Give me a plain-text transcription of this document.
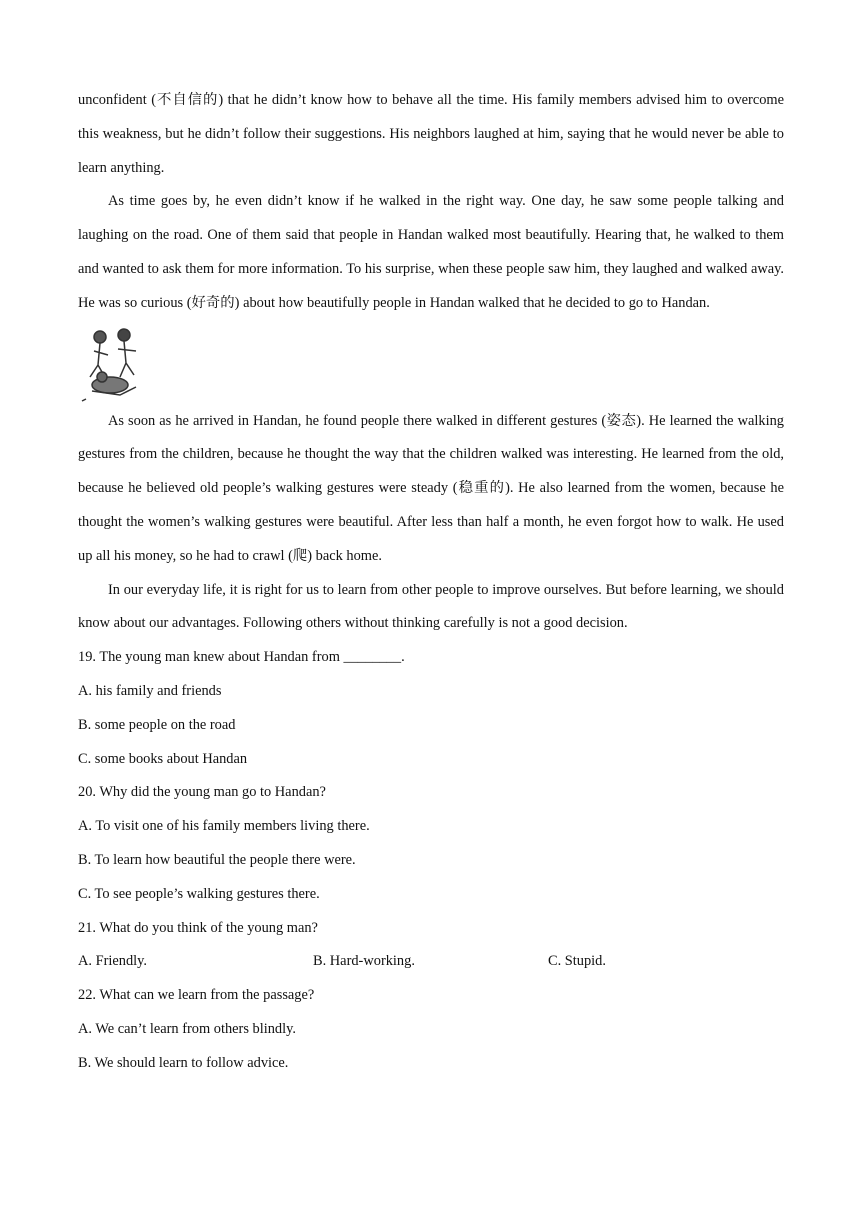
unconfident (不自信的) that he didn’t know how to behave all the time. His family members advised him to overcome this weakness, but he didn’t follow their suggestions. His neighbors laughed at him, saying that he would never be able to learn anything.
As time goes by, he even didn’t know if he walked in the right way. One day, he saw some people talking and laughing on the road. One of them said that people in Handan walked most beautifully. Hearing that, he walked to them and wanted to ask them for more information. To his surprise, when these people saw him, they laughed and walked away. He was so curious (好奇的) about how beautifully people in Handan walked that he decided to go to Handan.
As soon as he arrived in Handan, he found people there walked in different gestures (姿态). He learned the walking gestures from the children, because he thought the way that the children walked was interesting. He learned from the old, because he believed old people’s walking gestures were steady (稳重的). He also learned from the women, because he thought the women’s walking gestures were beautiful. After less than half a month, he even forgot how to walk. He used up all his money, so he had to crawl (爬) back home.
In our everyday life, it is right for us to learn from other people to improve ourselves. But before learning, we should know about our advantages. Following others without thinking carefully is not a good decision.
19. The young man knew about Handan from ________.
A. his family and friends
B. some people on the road
C. some books about Handan
20. Why did the young man go to Handan?
A. To visit one of his family members living there.
B. To learn how beautiful the people there were.
C. To see people’s walking gestures there.
21. What do you think of the young man?
A. Friendly.	B. Hard-working.	C. Stupid.
22. What can we learn from the passage?
A. We can’t learn from others blindly.
B. We should learn to follow advice.
